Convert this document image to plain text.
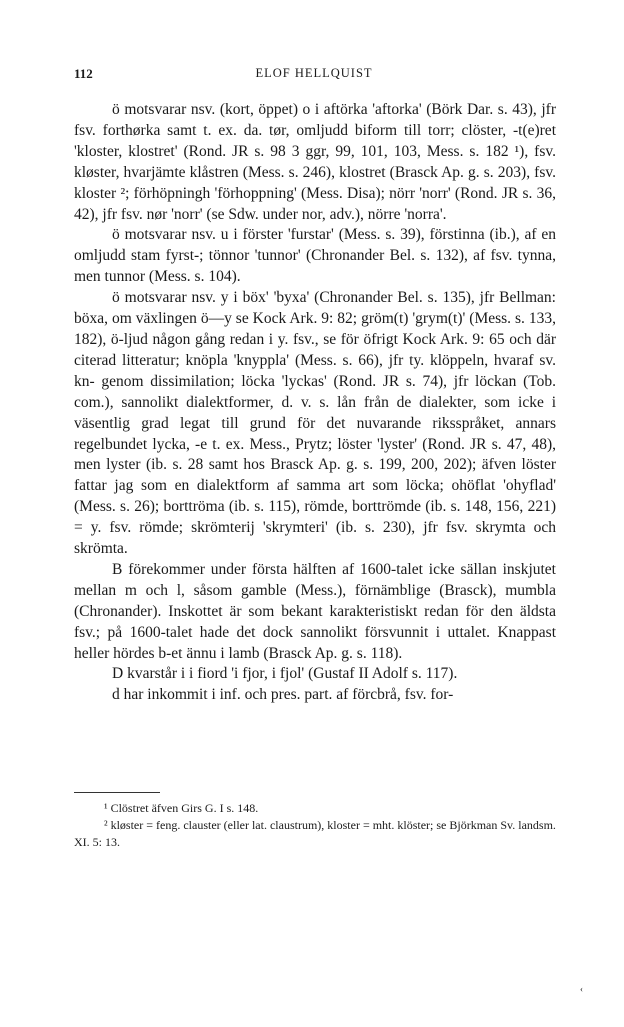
112	ELOF HELLQUIST

ö motsvarar nsv. (kort, öppet) o i aftörka 'aftorka' (Börk Dar. s. 43), jfr fsv. forthørka samt t. ex. da. tør, omljudd biform till torr; clöster, -t(e)ret 'kloster, klostret' (Rond. JR s. 98 3 ggr, 99, 101, 103, Mess. s. 182 ¹), fsv. kløster, hvarjämte klåstren (Mess. s. 246), klostret (Brasck Ap. g. s. 203), fsv. kloster ²; förhöpningh 'förhoppning' (Mess. Disa); nörr 'norr' (Rond. JR s. 36, 42), jfr fsv. nør 'norr' (se Sdw. under nor, adv.), nörre 'norra'.

ö motsvarar nsv. u i förster 'furstar' (Mess. s. 39), förstinna (ib.), af en omljudd stam fyrst-; tönnor 'tunnor' (Chronander Bel. s. 132), af fsv. tynna, men tunnor (Mess. s. 104).

ö motsvarar nsv. y i böx' 'byxa' (Chronander Bel. s. 135), jfr Bellman: böxa, om växlingen ö—y se Kock Ark. 9: 82; gröm(t) 'grym(t)' (Mess. s. 133, 182), ö-ljud någon gång redan i y. fsv., se för öfrigt Kock Ark. 9: 65 och där citerad litteratur; knöpla 'knyppla' (Mess. s. 66), jfr ty. klöppeln, hvaraf sv. kn- genom dissimilation; löcka 'lyckas' (Rond. JR s. 74), jfr löckan (Tob. com.), sannolikt dialektformer, d. v. s. lån från de dialekter, som icke i väsentlig grad legat till grund för det nuvarande riksspråket, annars regelbundet lycka, -e t. ex. Mess., Prytz; löster 'lyster' (Rond. JR s. 47, 48), men lyster (ib. s. 28 samt hos Brasck Ap. g. s. 199, 200, 202); äfven löster fattar jag som en dialektform af samma art som löcka; ohöflat 'ohyflad' (Mess. s. 26); borttröma (ib. s. 115), römde, borttrömde (ib. s. 148, 156, 221) = y. fsv. römde; skrömterij 'skrymteri' (ib. s. 230), jfr fsv. skrymta och skrömta.

B förekommer under första hälften af 1600-talet icke sällan inskjutet mellan m och l, såsom gamble (Mess.), förnämblige (Brasck), mumbla (Chronander). Inskottet är som bekant karakteristiskt redan för den äldsta fsv.; på 1600-talet hade det dock sannolikt försvunnit i uttalet. Knappast heller hördes b-et ännu i lamb (Brasck Ap. g. s. 118).

D kvarstår i i fiord 'i fjor, i fjol' (Gustaf II Adolf s. 117).

d har inkommit i inf. och pres. part. af förcbrå, fsv. for-

¹ Clöstret äfven Girs G. I s. 148.
² kløster = feng. clauster (eller lat. claustrum), kloster = mht. klöster; se Björkman Sv. landsm. XI. 5: 13.
‹
